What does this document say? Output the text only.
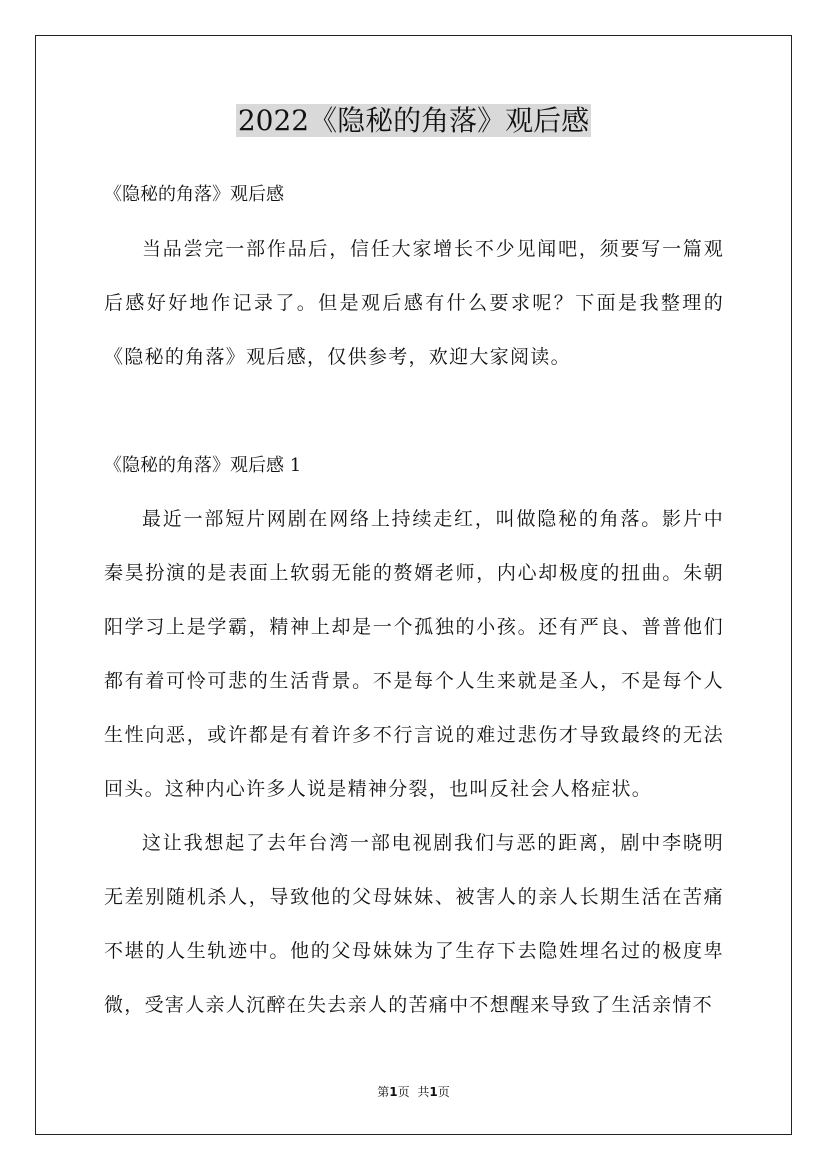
2022《隐秘的角落》观后感
《隐秘的角落》观后感

当品尝完一部作品后，信任大家增长不少见闻吧，须要写一篇观后感好好地作记录了。但是观后感有什么要求呢？下面是我整理的《隐秘的角落》观后感，仅供参考，欢迎大家阅读。

《隐秘的角落》观后感 1

最近一部短片网剧在网络上持续走红，叫做隐秘的角落。影片中秦昊扮演的是表面上软弱无能的赘婿老师，内心却极度的扭曲。朱朝阳学习上是学霸，精神上却是一个孤独的小孩。还有严良、普普他们都有着可怜可悲的生活背景。不是每个人生来就是圣人，不是每个人生性向恶，或许都是有着许多不行言说的难过悲伤才导致最终的无法回头。这种内心许多人说是精神分裂，也叫反社会人格症状。

这让我想起了去年台湾一部电视剧我们与恶的距离，剧中李晓明无差别随机杀人，导致他的父母妹妹、被害人的亲人长期生活在苦痛不堪的人生轨迹中。他的父母妹妹为了生存下去隐姓埋名过的极度卑微，受害人亲人沉醉在失去亲人的苦痛中不想醒来导致了生活亲情不

第1页 共1页
